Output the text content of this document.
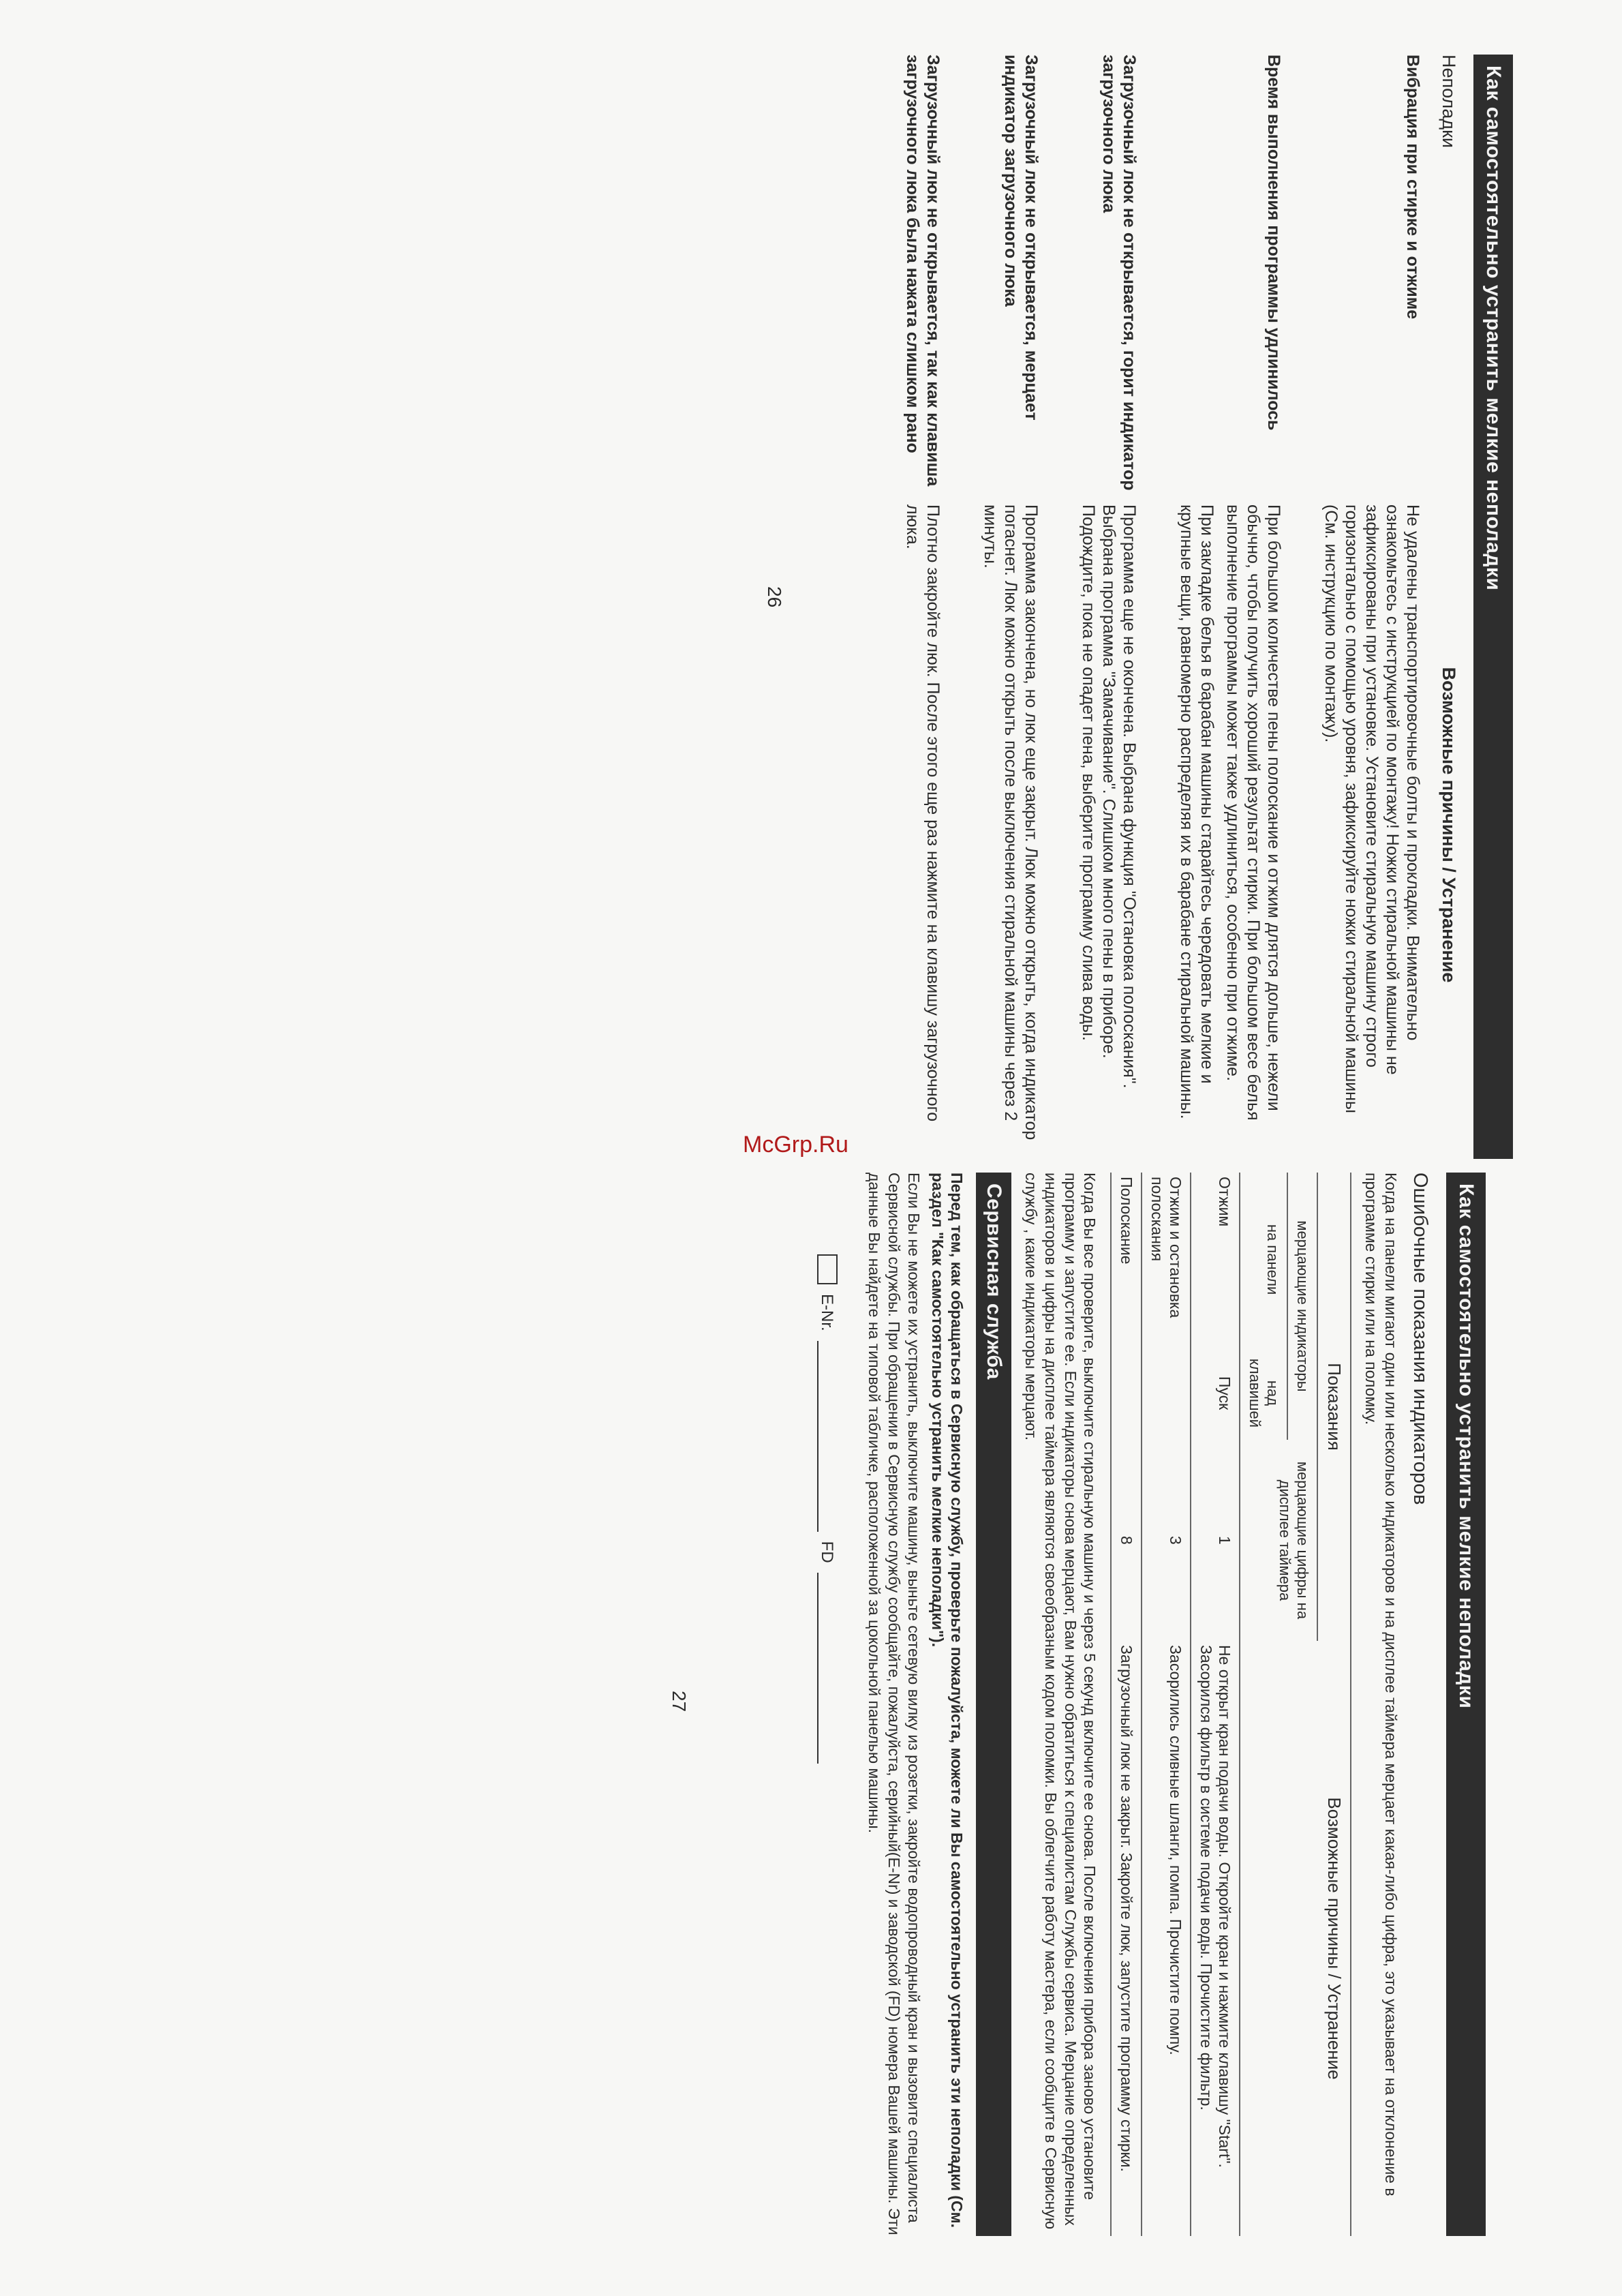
McGrp.Ru
Как самостоятельно устранить мелкие неполадки
Неполадки
Возможные причины / Устранение
Вибрация при стирке и отжиме

Не удалены транспортировочные болты и прокладки. Внимательно ознакомьтесь с инструкцией по монтажу! Ножки стиральной машины не зафиксированы при установке. Установите стиральную машину строго горизонтально с помощью уровня, зафиксируйте ножки стиральной машины (См. инструкцию по монтажу).

Время выполнения программы удлинилось

При большом количестве пены полоскание и отжим длятся дольше, нежели обычно, чтобы получить хороший результат стирки. При большом весе белья выполнение программы может также удлиниться, особенно при отжиме.

При закладке белья в барабан машины старайтесь чередовать мелкие и крупные вещи, равномерно распределяя их в барабане стиральной машины.

Загрузочный люк не открывается, горит индикатор загрузочного люка

Программа еще не окончена. Выбрана функция "Остановка полоскания". Выбрана программа "Замачивание". Слишком много пены в приборе. Подождите, пока не опадет пена, выберите программу слива воды.

Загрузочный люк не открывается, мерцает индикатор загрузочного люка

Программа закончена, но люк еще закрыт. Люк можно открыть, когда индикатор погаснет. Люк можно открыть после выключения стиральной машины через 2 минуты.

Загрузочный люк не открывается, так как клавиша загрузочного люка была нажата слишком рано

Плотно закройте люк. После этого еще раз нажмите на клавишу загрузочного люка.

26
Как самостоятельно устранить мелкие неполадки
Ошибочные показания индикаторов

Когда на панели мигают один или несколько индикаторов и на дисплее таймера мерцает какая-либо цифра, это указывает на отклонение в программе стирки или на поломку.

Показания			Возможные причины / Устранение
мерцающие индикаторы		мерцающие цифры на дисплее таймера	
на панели	над клавишей		
Отжим	Пуск	1	Не открыт кран подачи воды. Откройте кран и нажмите клавишу "Start". Засорился фильтр в системе подачи воды. Прочистите фильтр.
Отжим и остановка полоскания		3	Засорились сливные шланги, помпа. Прочистите помпу.
Полоскание		8	Загрузочный люк не закрыт. Закройте люк, запустите программу стирки.

Когда Вы все проверите, выключите стиральную машину и через 5 секунд включите ее снова. После включения прибора заново установите программу и запустите ее. Если индикаторы снова мерцают, Вам нужно обратиться к специалистам Службы сервиса. Мерцание определенных индикаторов и цифры на дисплее таймера являются своеобразным кодом поломки. Вы облегчите работу мастера, если сообщите в Сервисную службу , какие индикаторы мерцают.

Сервисная служба

Перед тем, как обращаться в Сервисную службу, проверьте пожалуйста, можете ли Вы самостоятельно устранить эти неполадки (См. раздел "Как самостоятельно устранить мелкие неполадки").

Если Вы не можете их устранить, выключите машину, выньте сетевую вилку из розетки, закройте водопроводный кран и вызовите специалиста Сервисной службы. При обращении в Сервисную службу сообщайте, пожалуйста, серийный(E-Nr) и заводской (FD) номера Вашей машины. Эти данные Вы найдете на типовой табличке, расположенной за цокольной панелью машины.

E-Nr.
FD
27
